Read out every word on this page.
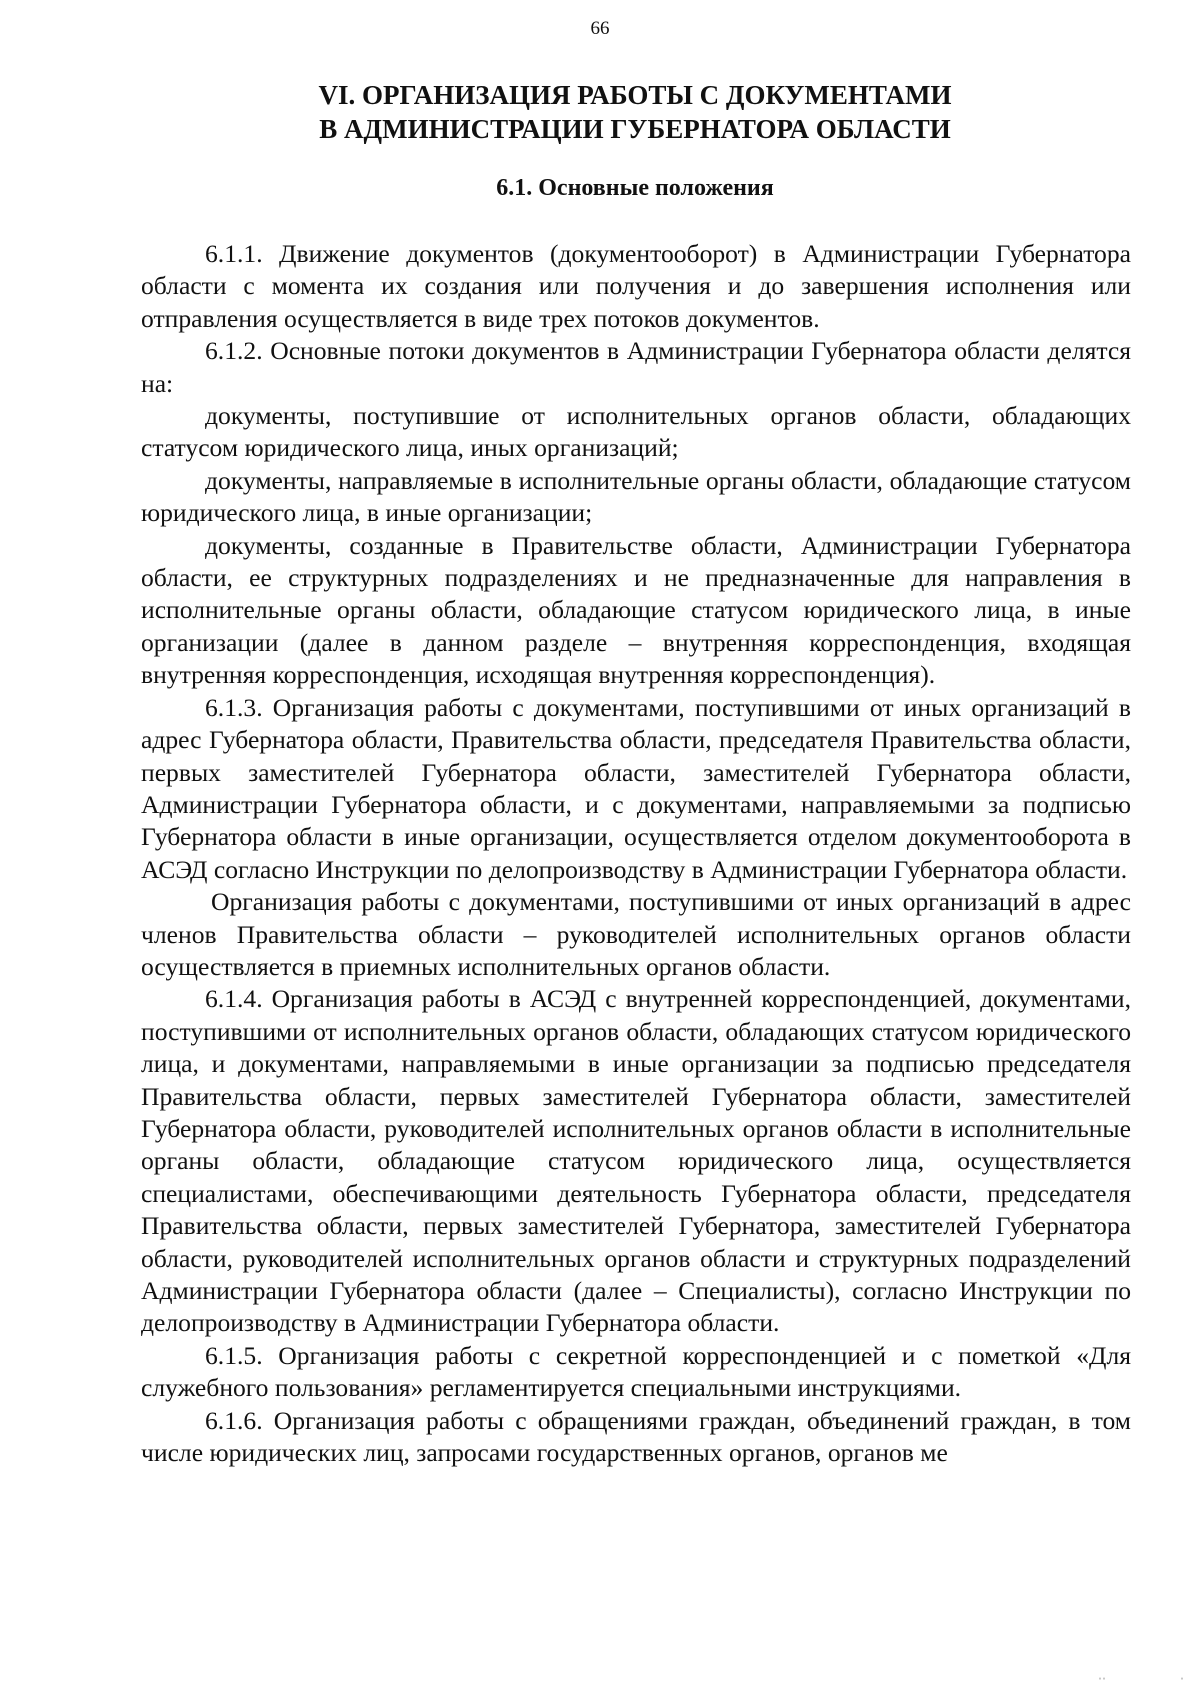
66
VI. ОРГАНИЗАЦИЯ РАБОТЫ С ДОКУМЕНТАМИ
В АДМИНИСТРАЦИИ ГУБЕРНАТОРА ОБЛАСТИ
6.1. Основные положения

6.1.1. Движение документов (документооборот) в Администрации Губернатора области с момента их создания или получения и до завершения исполнения или отправления осуществляется в виде трех потоков документов.

6.1.2. Основные потоки документов в Администрации Губернатора области делятся на:

документы, поступившие от исполнительных органов области, обладающих статусом юридического лица, иных организаций;

документы, направляемые в исполнительные органы области, обладающие статусом юридического лица, в иные организации;

документы, созданные в Правительстве области, Администрации Губернатора области, ее структурных подразделениях и не предназначенные для направления в исполнительные органы области, обладающие статусом юридического лица, в иные организации (далее в данном разделе – внутренняя корреспонденция, входящая внутренняя корреспонденция, исходящая внутренняя корреспонденция).

6.1.3. Организация работы с документами, поступившими от иных организаций в адрес Губернатора области, Правительства области, председателя Правительства области, первых заместителей Губернатора области, заместителей Губернатора области, Администрации Губернатора области, и с документами, направляемыми за подписью Губернатора области в иные организации, осуществляется отделом документооборота в АСЭД согласно Инструкции по делопроизводству в Администрации Губернатора области.

Организация работы с документами, поступившими от иных организаций в адрес членов Правительства области – руководителей исполнительных органов области осуществляется в приемных исполнительных органов области.

6.1.4. Организация работы в АСЭД с внутренней корреспонденцией, документами, поступившими от исполнительных органов области, обладающих статусом юридического лица, и документами, направляемыми в иные организации за подписью председателя Правительства области, первых заместителей Губернатора области, заместителей Губернатора области, руководителей исполнительных органов области в исполнительные органы области, обладающие статусом юридического лица, осуществляется специалистами, обеспечивающими деятельность Губернатора области, председателя Правительства области, первых заместителей Губернатора, заместителей Губернатора области, руководителей исполнительных органов области и структурных подразделений Администрации Губернатора области (далее – Специалисты), согласно Инструкции по делопроизводству в Администрации Губернатора области.

6.1.5. Организация работы с секретной корреспонденцией и с пометкой «Для служебного пользования» регламентируется специальными инструкциями.

6.1.6. Организация работы с обращениями граждан, объединений граждан, в том числе юридических лиц, запросами государственных органов, органов ме

ˈˈ	ˈ
